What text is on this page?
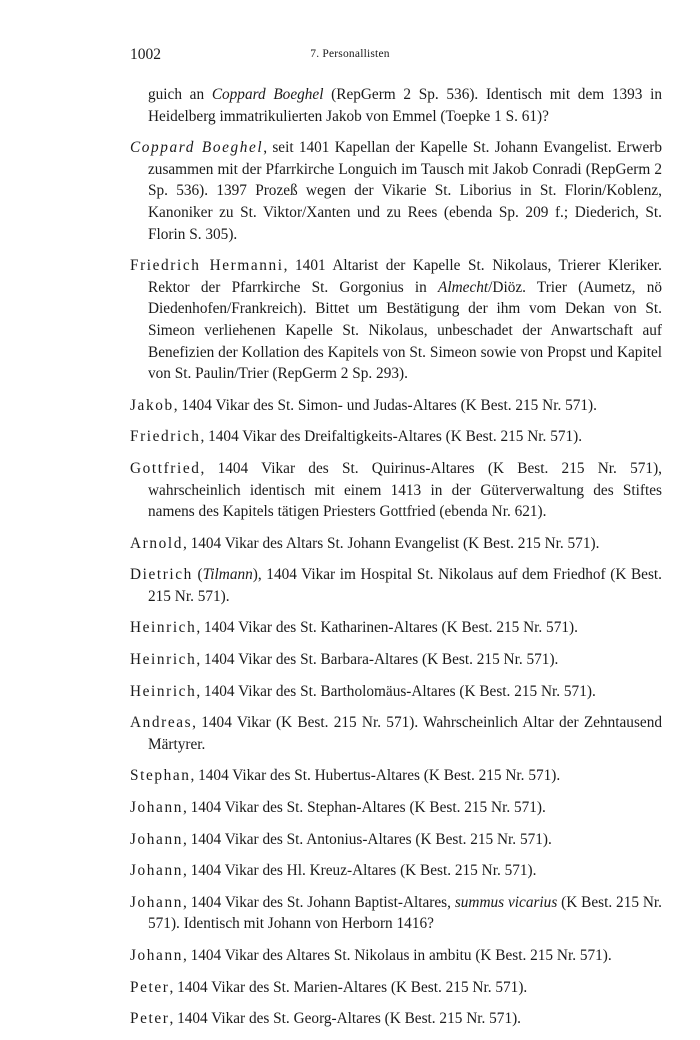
1002	7. Personallisten

guich an Coppard Boeghel (RepGerm 2 Sp. 536). Identisch mit dem 1393 in Heidelberg immatrikulierten Jakob von Emmel (Toepke 1 S. 61)?

Coppard Boeghel, seit 1401 Kapellan der Kapelle St. Johann Evangelist. Erwerb zusammen mit der Pfarrkirche Longuich im Tausch mit Jakob Conradi (RepGerm 2 Sp. 536). 1397 Prozeß wegen der Vikarie St. Liborius in St. Florin/Koblenz, Kanoniker zu St. Viktor/Xanten und zu Rees (ebenda Sp. 209 f.; Diederich, St. Florin S. 305).

Friedrich Hermanni, 1401 Altarist der Kapelle St. Nikolaus, Trierer Kleriker. Rektor der Pfarrkirche St. Gorgonius in Almecht/Diöz. Trier (Aumetz, nö Diedenhofen/Frankreich). Bittet um Bestätigung der ihm vom Dekan von St. Simeon verliehenen Kapelle St. Nikolaus, unbeschadet der Anwartschaft auf Benefizien der Kollation des Kapitels von St. Simeon sowie von Propst und Kapitel von St. Paulin/Trier (RepGerm 2 Sp. 293).

Jakob, 1404 Vikar des St. Simon- und Judas-Altares (K Best. 215 Nr. 571).

Friedrich, 1404 Vikar des Dreifaltigkeits-Altares (K Best. 215 Nr. 571).

Gottfried, 1404 Vikar des St. Quirinus-Altares (K Best. 215 Nr. 571), wahrscheinlich identisch mit einem 1413 in der Güterverwaltung des Stiftes namens des Kapitels tätigen Priesters Gottfried (ebenda Nr. 621).

Arnold, 1404 Vikar des Altars St. Johann Evangelist (K Best. 215 Nr. 571).

Dietrich (Tilmann), 1404 Vikar im Hospital St. Nikolaus auf dem Friedhof (K Best. 215 Nr. 571).

Heinrich, 1404 Vikar des St. Katharinen-Altares (K Best. 215 Nr. 571).

Heinrich, 1404 Vikar des St. Barbara-Altares (K Best. 215 Nr. 571).

Heinrich, 1404 Vikar des St. Bartholomäus-Altares (K Best. 215 Nr. 571).

Andreas, 1404 Vikar (K Best. 215 Nr. 571). Wahrscheinlich Altar der Zehntausend Märtyrer.

Stephan, 1404 Vikar des St. Hubertus-Altares (K Best. 215 Nr. 571).

Johann, 1404 Vikar des St. Stephan-Altares (K Best. 215 Nr. 571).

Johann, 1404 Vikar des St. Antonius-Altares (K Best. 215 Nr. 571).

Johann, 1404 Vikar des Hl. Kreuz-Altares (K Best. 215 Nr. 571).

Johann, 1404 Vikar des St. Johann Baptist-Altares, summus vicarius (K Best. 215 Nr. 571). Identisch mit Johann von Herborn 1416?

Johann, 1404 Vikar des Altares St. Nikolaus in ambitu (K Best. 215 Nr. 571).

Peter, 1404 Vikar des St. Marien-Altares (K Best. 215 Nr. 571).

Peter, 1404 Vikar des St. Georg-Altares (K Best. 215 Nr. 571).
